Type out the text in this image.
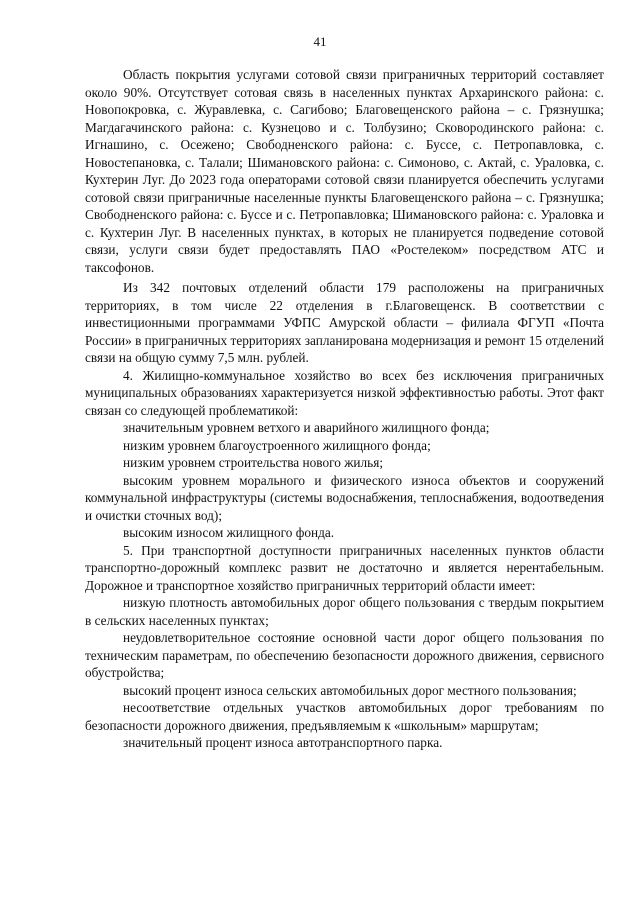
41

Область покрытия услугами сотовой связи приграничных территорий составляет около 90%. Отсутствует сотовая связь в населенных пунктах Архаринского района: с. Новопокровка, с. Журавлевка, с. Сагибово; Благовещенского района – с. Грязнушка; Магдагачинского района: с. Кузнецово и с. Толбузино; Сковородинского района: с. Игнашино, с. Осежено; Свободненского района: с. Буссе, с. Петропавловка, с. Новостепановка, с. Талали; Шимановского района: с. Симоново, с. Актай, с. Ураловка, с. Кухтерин Луг. До 2023 года операторами сотовой связи планируется обеспечить услугами сотовой связи приграничные населенные пункты Благовещенского района – с. Грязнушка; Свободненского района: с. Буссе и с. Петропавловка; Шимановского района: с. Ураловка и с. Кухтерин Луг. В населенных пунктах, в которых не планируется подведение сотовой связи, услуги связи будет предоставлять ПАО «Ростелеком» посредством АТС и таксофонов.

Из 342 почтовых отделений области 179 расположены на приграничных территориях, в том числе 22 отделения в г.Благовещенск. В соответствии с инвестиционными программами УФПС Амурской области – филиала ФГУП «Почта России» в приграничных территориях запланирована модернизация и ремонт 15 отделений связи на общую сумму 7,5 млн. рублей.

4. Жилищно-коммунальное хозяйство во всех без исключения приграничных муниципальных образованиях характеризуется низкой эффективностью работы. Этот факт связан со следующей проблематикой:

значительным уровнем ветхого и аварийного жилищного фонда;

низким уровнем благоустроенного жилищного фонда;

низким уровнем строительства нового жилья;

высоким уровнем морального и физического износа объектов и сооружений коммунальной инфраструктуры (системы водоснабжения, теплоснабжения, водоотведения и очистки сточных вод);

высоким износом жилищного фонда.

5. При транспортной доступности приграничных населенных пунктов области транспортно-дорожный комплекс развит не достаточно и является нерентабельным. Дорожное и транспортное хозяйство приграничных территорий области имеет:

низкую плотность автомобильных дорог общего пользования с твердым покрытием в сельских населенных пунктах;

неудовлетворительное состояние основной части дорог общего пользования по техническим параметрам, по обеспечению безопасности дорожного движения, сервисного обустройства;

высокий процент износа сельских автомобильных дорог местного пользования;

несоответствие отдельных участков автомобильных дорог требованиям по безопасности дорожного движения, предъявляемым к «школьным» маршрутам;

значительный процент износа автотранспортного парка.
